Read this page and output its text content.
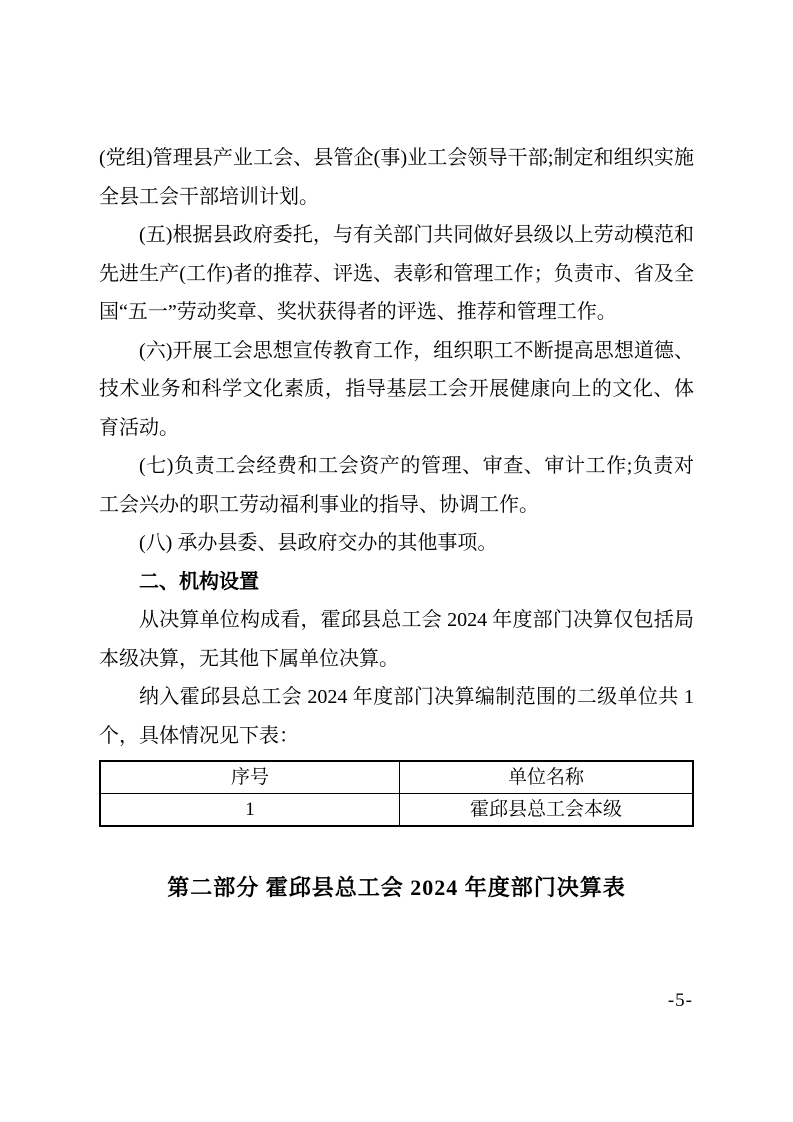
(党组)管理县产业工会、县管企(事)业工会领导干部;制定和组织实施全县工会干部培训计划。

(五)根据县政府委托，与有关部门共同做好县级以上劳动模范和先进生产(工作)者的推荐、评选、表彰和管理工作；负责市、省及全国“五一”劳动奖章、奖状获得者的评选、推荐和管理工作。

(六)开展工会思想宣传教育工作，组织职工不断提高思想道德、技术业务和科学文化素质，指导基层工会开展健康向上的文化、体育活动。

(七)负责工会经费和工会资产的管理、审查、审计工作;负责对工会兴办的职工劳动福利事业的指导、协调工作。

(八) 承办县委、县政府交办的其他事项。

二、机构设置

从决算单位构成看，霍邱县总工会 2024 年度部门决算仅包括局本级决算，无其他下属单位决算。

纳入霍邱县总工会 2024 年度部门决算编制范围的二级单位共 1 个，具体情况见下表：

序号	单位名称
1	霍邱县总工会本级
第二部分 霍邱县总工会 2024 年度部门决算表
-5-
